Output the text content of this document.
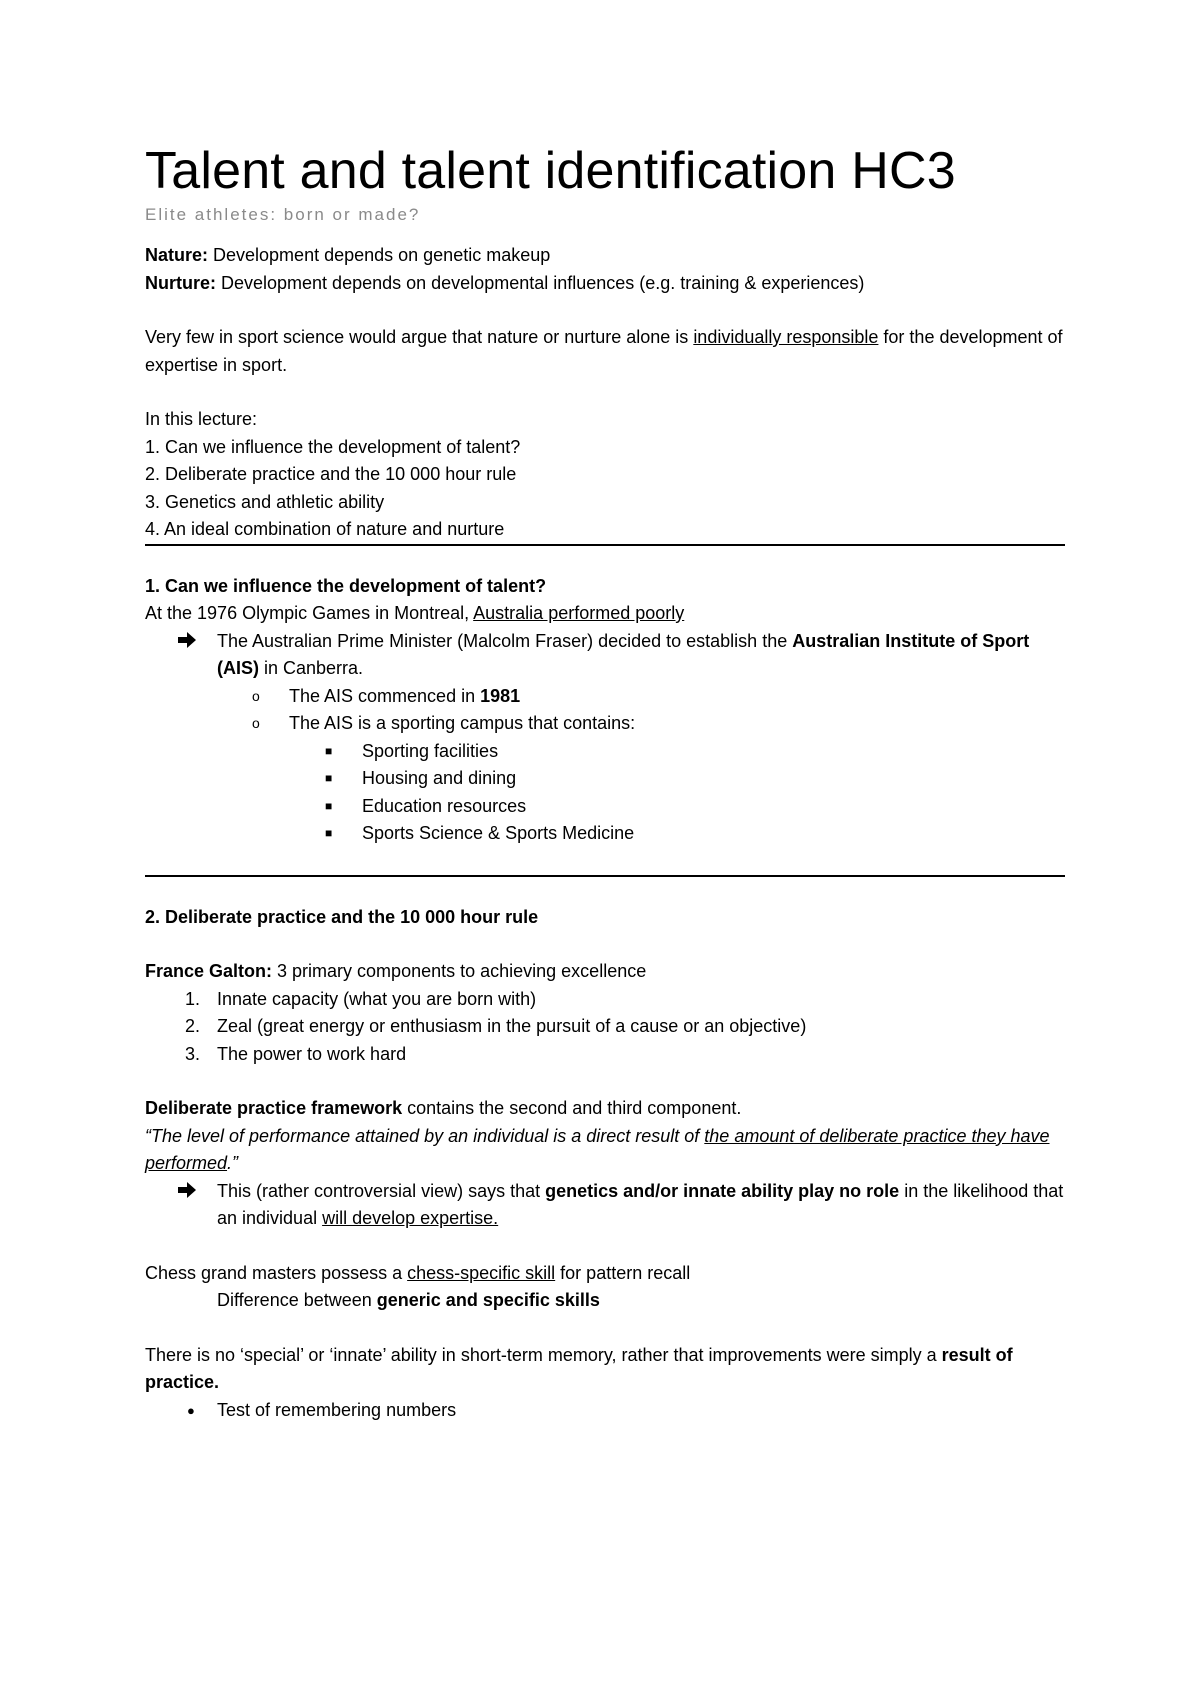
Talent and talent identification HC3

Elite athletes: born or made?

Nature: Development depends on genetic makeup

Nurture: Development depends on developmental influences (e.g. training & experiences)

Very few in sport science would argue that nature or nurture alone is individually responsible for the development of expertise in sport.

In this lecture:

1. Can we influence the development of talent?

2. Deliberate practice and the 10 000 hour rule

3. Genetics and athletic ability

4. An ideal combination of nature and nurture

1. Can we influence the development of talent?

At the 1976 Olympic Games in Montreal, Australia performed poorly

The Australian Prime Minister (Malcolm Fraser) decided to establish the Australian Institute of Sport (AIS) in Canberra.
o	The AIS commenced in 1981
o	The AIS is a sporting campus that contains:
■	Sporting facilities
■	Housing and dining
■	Education resources
■	Sports Science & Sports Medicine

2. Deliberate practice and the 10 000 hour rule

France Galton: 3 primary components to achieving excellence

1. Innate capacity (what you are born with)
2. Zeal (great energy or enthusiasm in the pursuit of a cause or an objective)
3. The power to work hard

Deliberate practice framework contains the second and third component.

“The level of performance attained by an individual is a direct result of the amount of deliberate practice they have performed.”

This (rather controversial view) says that genetics and/or innate ability play no role in the likelihood that an individual will develop expertise.

Chess grand masters possess a chess-specific skill for pattern recall

Difference between generic and specific skills

There is no ‘special’ or ‘innate’ ability in short-term memory, rather that improvements were simply a result of practice.

●	Test of remembering numbers
